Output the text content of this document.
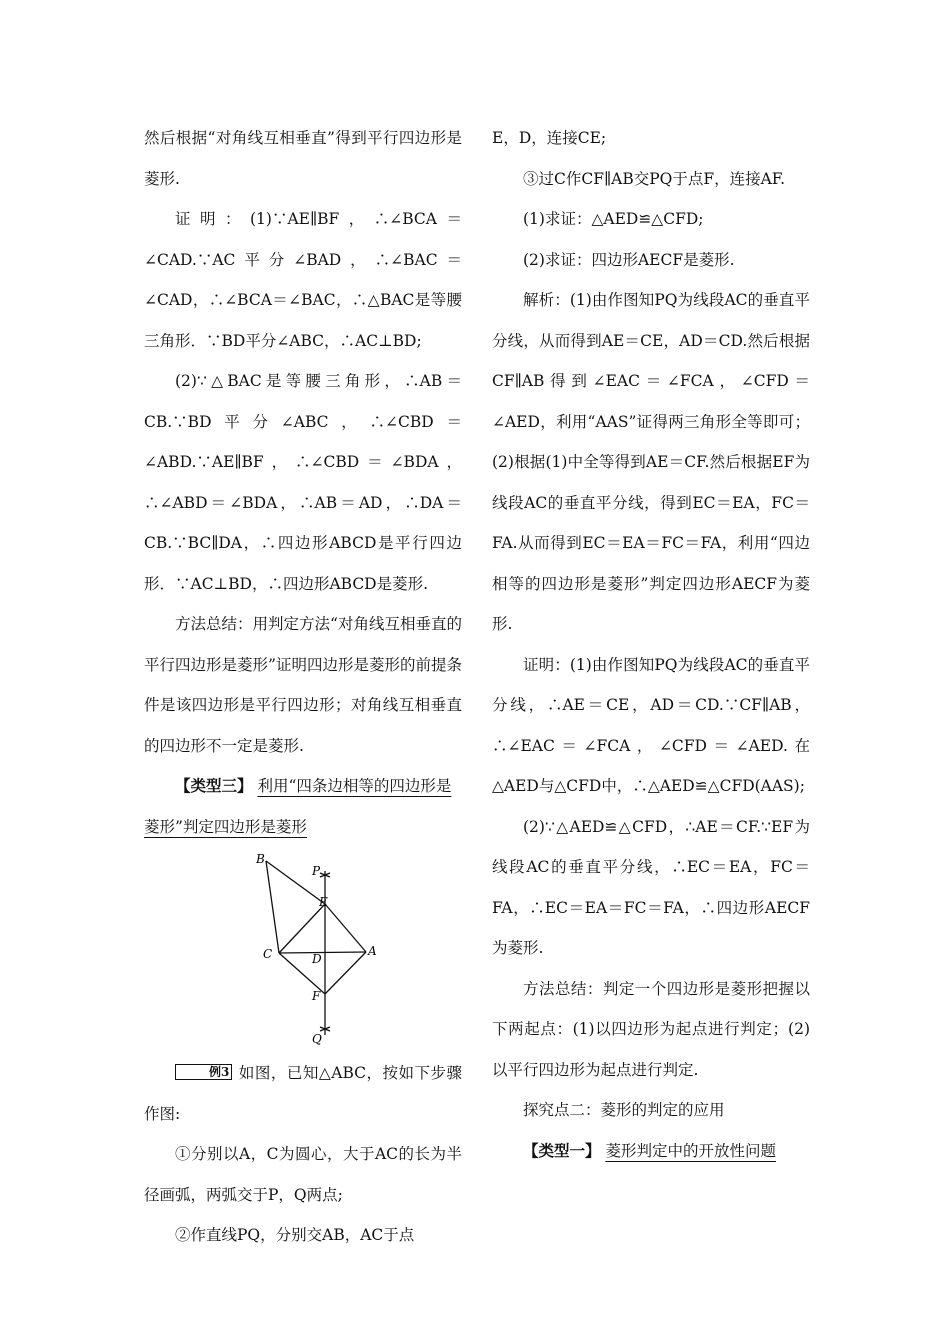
然后根据“对角线互相垂直”得到平行四边形是菱形.

证明：(1)∵AE∥BF，∴∠BCA＝∠CAD.∵AC平分∠BAD，∴∠BAC＝∠CAD，∴∠BCA＝∠BAC，∴△BAC是等腰三角形．∵BD平分∠ABC，∴AC⊥BD;

(2)∵△BAC是等腰三角形，∴AB＝CB.∵BD平分∠ABC，∴∠CBD＝∠ABD.∵AE∥BF，∴∠CBD＝∠BDA，∴∠ABD＝∠BDA，∴AB＝AD，∴DA＝CB.∵BC∥DA，∴四边形ABCD是平行四边形．∵AC⊥BD，∴四边形ABCD是菱形.

方法总结：用判定方法“对角线互相垂直的平行四边形是菱形”证明四边形是菱形的前提条件是该四边形是平行四边形；对角线互相垂直的四边形不一定是菱形.

【类型三】 利用“四条边相等的四边形是菱形”判定四边形是菱形

B
P
E
C	D
A
F
Q

例3 如图，已知△ABC，按如下步骤作图:

①分别以A，C为圆心，大于AC的长为半径画弧，两弧交于P，Q两点;

②作直线PQ，分别交AB，AC于点

E，D，连接CE;

③过C作CF∥AB交PQ于点F，连接AF.

(1)求证：△AED≌△CFD;

(2)求证：四边形AECF是菱形.

解析：(1)由作图知PQ为线段AC的垂直平分线，从而得到AE＝CE，AD＝CD.然后根据CF∥AB得到∠EAC＝∠FCA，∠CFD＝∠AED，利用“AAS”证得两三角形全等即可；(2)根据(1)中全等得到AE＝CF.然后根据EF为线段AC的垂直平分线，得到EC＝EA，FC＝FA.从而得到EC＝EA＝FC＝FA，利用“四边相等的四边形是菱形”判定四边形AECF为菱形.

证明：(1)由作图知PQ为线段AC的垂直平分线，∴AE＝CE，AD＝CD.∵CF∥AB，∴∠EAC＝∠FCA，∠CFD＝∠AED.在△AED与△CFD中，∴△AED≌△CFD(AAS);

(2)∵△AED≌△CFD，∴AE＝CF.∵EF为线段AC的垂直平分线，∴EC＝EA，FC＝FA，∴EC＝EA＝FC＝FA，∴四边形AECF为菱形.

方法总结：判定一个四边形是菱形把握以下两起点：(1)以四边形为起点进行判定；(2)以平行四边形为起点进行判定.

探究点二：菱形的判定的应用

【类型一】 菱形判定中的开放性问题
